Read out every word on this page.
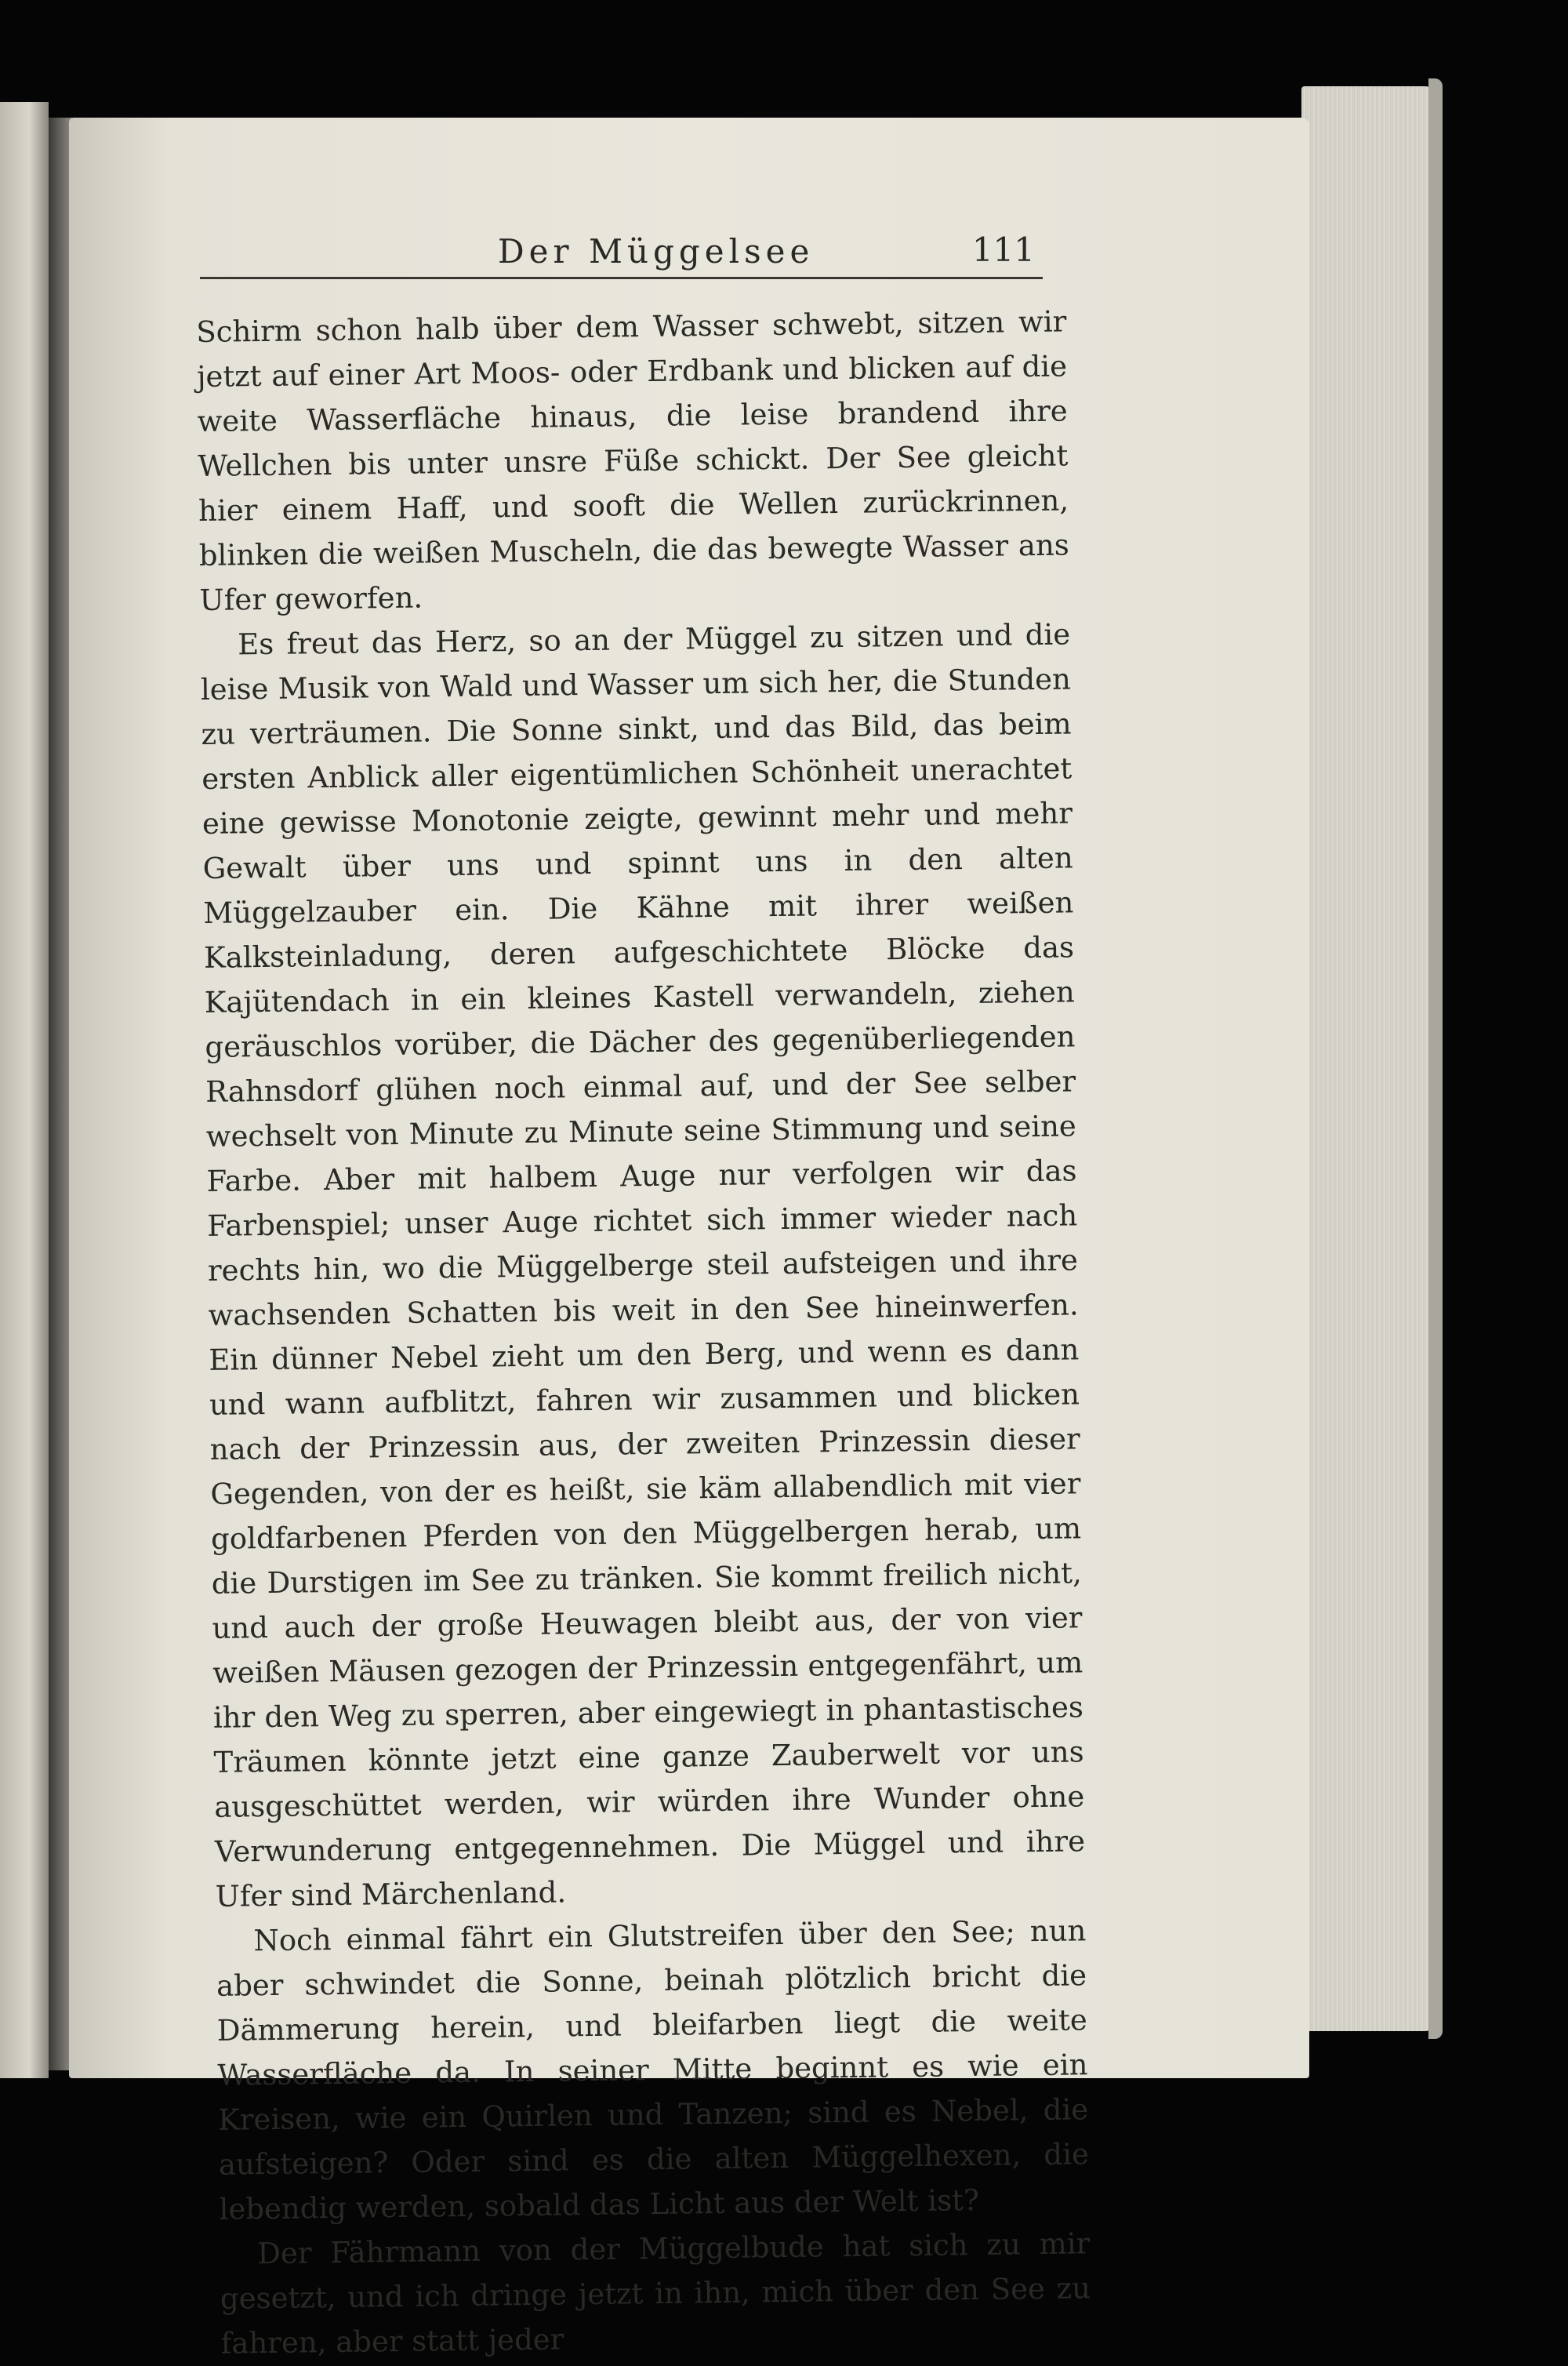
Der Müggelsee	111

Schirm schon halb über dem Wasser schwebt, sitzen wir jetzt auf einer Art Moos- oder Erdbank und blicken auf die weite Wasserfläche hinaus, die leise brandend ihre Wellchen bis unter unsre Füße schickt. Der See gleicht hier einem Haff, und sooft die Wellen zurückrinnen, blinken die weißen Muscheln, die das bewegte Wasser ans Ufer geworfen.

Es freut das Herz, so an der Müggel zu sitzen und die leise Musik von Wald und Wasser um sich her, die Stunden zu verträumen. Die Sonne sinkt, und das Bild, das beim ersten Anblick aller eigentümlichen Schönheit unerachtet eine gewisse Monotonie zeigte, gewinnt mehr und mehr Gewalt über uns und spinnt uns in den alten Müggelzauber ein. Die Kähne mit ihrer weißen Kalksteinladung, deren aufgeschichtete Blöcke das Kajütendach in ein kleines Kastell verwandeln, ziehen geräuschlos vorüber, die Dächer des gegenüberliegenden Rahnsdorf glühen noch einmal auf, und der See selber wechselt von Minute zu Minute seine Stimmung und seine Farbe. Aber mit halbem Auge nur verfolgen wir das Farbenspiel; unser Auge richtet sich immer wieder nach rechts hin, wo die Müggelberge steil aufsteigen und ihre wachsenden Schatten bis weit in den See hineinwerfen. Ein dünner Nebel zieht um den Berg, und wenn es dann und wann aufblitzt, fahren wir zusammen und blicken nach der Prinzessin aus, der zweiten Prinzessin dieser Gegenden, von der es heißt, sie käm allabendlich mit vier goldfarbenen Pferden von den Müggelbergen herab, um die Durstigen im See zu tränken. Sie kommt freilich nicht, und auch der große Heuwagen bleibt aus, der von vier weißen Mäusen gezogen der Prinzessin entgegenfährt, um ihr den Weg zu sperren, aber eingewiegt in phantastisches Träumen könnte jetzt eine ganze Zauberwelt vor uns ausgeschüttet werden, wir würden ihre Wunder ohne Verwunderung entgegennehmen. Die Müggel und ihre Ufer sind Märchenland.

Noch einmal fährt ein Glutstreifen über den See; nun aber schwindet die Sonne, beinah plötzlich bricht die Dämmerung herein, und bleifarben liegt die weite Wasserfläche da. In seiner Mitte beginnt es wie ein Kreisen, wie ein Quirlen und Tanzen; sind es Nebel, die aufsteigen? Oder sind es die alten Müggelhexen, die lebendig werden, sobald das Licht aus der Welt ist?

Der Fährmann von der Müggelbude hat sich zu mir gesetzt, und ich dringe jetzt in ihn, mich über den See zu fahren, aber statt jeder
